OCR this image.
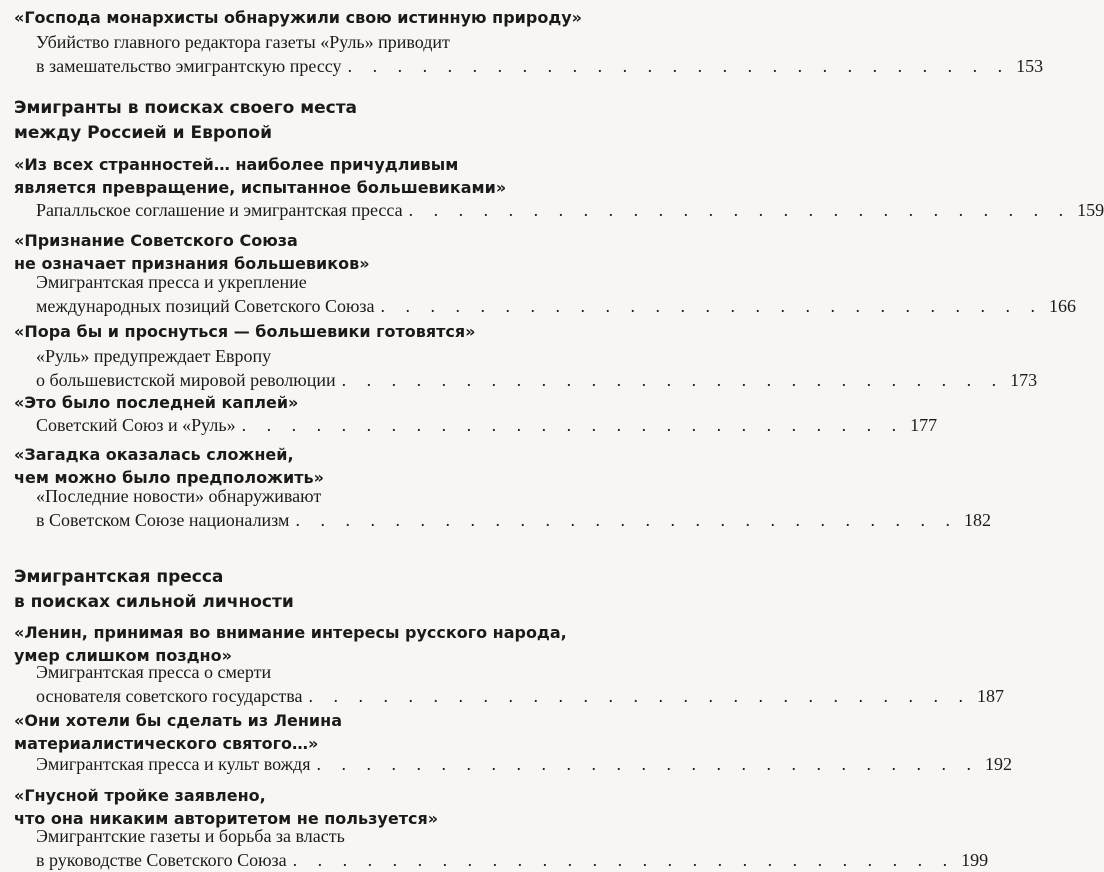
«Господа монархисты обнаружили свою истинную природу»
Убийство главного редактора газеты «Руль» приводит
в замешательство эмигрантскую прессу . . . . . . . . . . . . . . . . . . . . . . . . . . . 153
Эмигранты в поисках своего места
между Россией и Европой
«Из всех странностей… наиболее причудливым
является превращение, испытанное большевиками»
Рапалльское соглашение и эмигрантская пресса . . . . . . . . . . . . . . . . . . . . . . . . . . . 159
«Признание Советского Союза
не означает признания большевиков»
Эмигрантская пресса и укрепление
международных позиций Советского Союза . . . . . . . . . . . . . . . . . . . . . . . . . . . 166
«Пора бы и проснуться — большевики готовятся»
«Руль» предупреждает Европу
о большевистской мировой революции . . . . . . . . . . . . . . . . . . . . . . . . . . . 173
«Это было последней каплей»
Советский Союз и «Руль» . . . . . . . . . . . . . . . . . . . . . . . . . . . 177
«Загадка оказалась сложней,
чем можно было предположить»
«Последние новости» обнаруживают
в Советском Союзе национализм . . . . . . . . . . . . . . . . . . . . . . . . . . . 182
Эмигрантская пресса
в поисках сильной личности
«Ленин, принимая во внимание интересы русского народа,
умер слишком поздно»
Эмигрантская пресса о смерти
основателя советского государства . . . . . . . . . . . . . . . . . . . . . . . . . . . 187
«Они хотели бы сделать из Ленина
материалистического святого…»
Эмигрантская пресса и культ вождя . . . . . . . . . . . . . . . . . . . . . . . . . . . 192
«Гнусной тройке заявлено,
что она никаким авторитетом не пользуется»
Эмигрантские газеты и борьба за власть
в руководстве Советского Союза . . . . . . . . . . . . . . . . . . . . . . . . . . . 199
